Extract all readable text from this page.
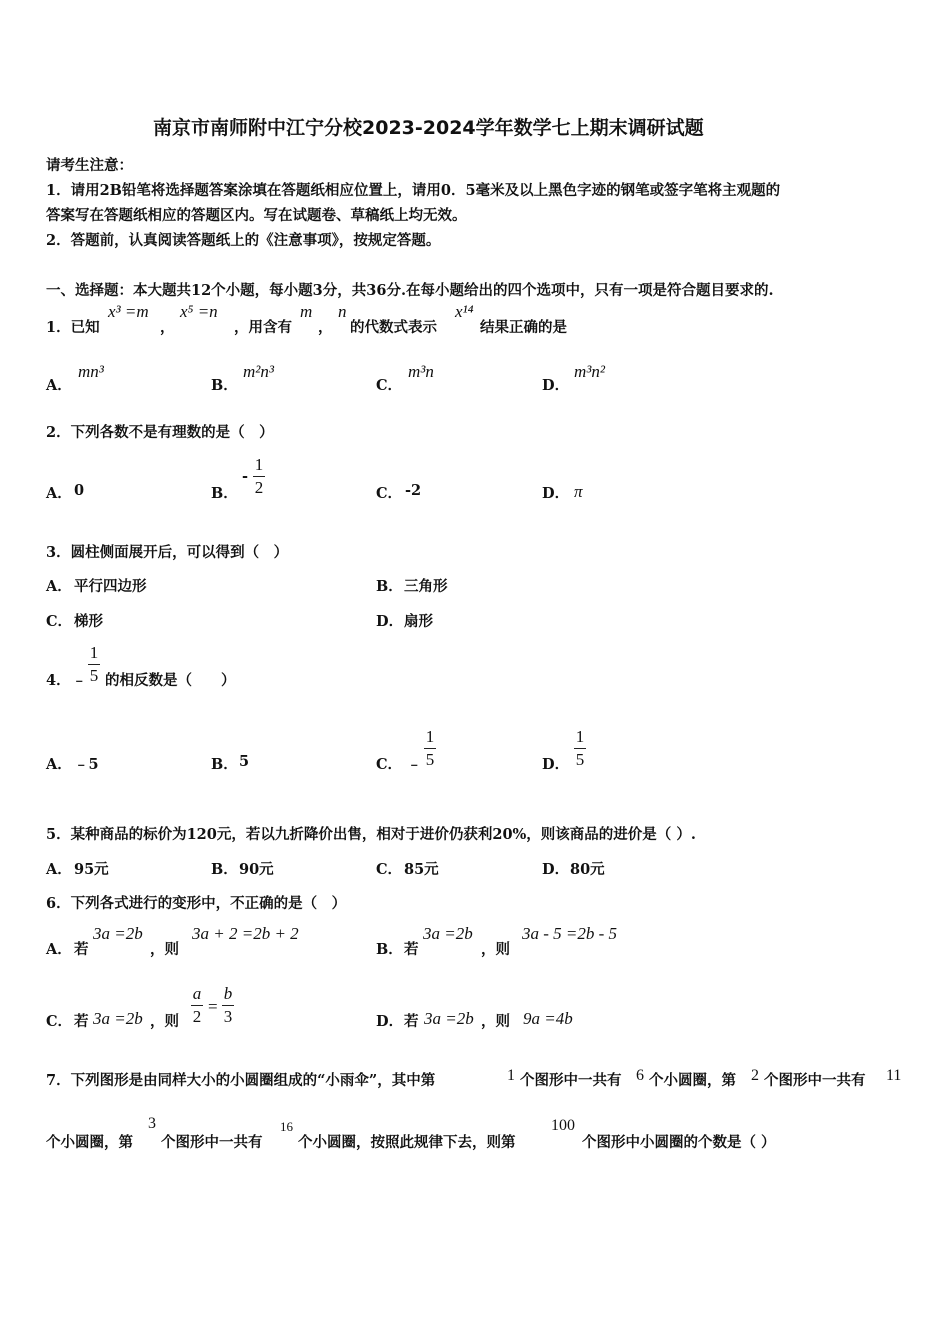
南京市南师附中江宁分校2023-2024学年数学七上期末调研试题
请考生注意：
1．请用2B铅笔将选择题答案涂填在答题纸相应位置上，请用0．5毫米及以上黑色字迹的钢笔或签字笔将主观题的
答案写在答题纸相应的答题区内。写在试题卷、草稿纸上均无效。
2．答题前，认真阅读答题纸上的《注意事项》，按规定答题。
一、选择题：本大题共12个小题，每小题3分，共36分.在每小题给出的四个选项中，只有一项是符合题目要求的.
1．已知
x³ =m
，
x⁵ =n
，用含有
m
，
n
的代数式表示
x¹⁴
结果正确的是
A．
mn³
B．
m²n³
C．
m³n
D．
m³n²
2．下列各数不是有理数的是（　）
A． 0	B．
-
1
2	C． -2	D． π
3．圆柱侧面展开后，可以得到（　）
A． 平行四边形	B． 三角形
C． 梯形	D． 扇形
4． ﹣
1
5 的相反数是（　　）
A． ﹣5	B． 5	C． ﹣
1
5	D．
1
5
5．某种商品的标价为120元，若以九折降价出售，相对于进价仍获利20%，则该商品的进价是（ ）.
A． 95元	B． 90元	C． 85元	D． 80元
6．下列各式进行的变形中，不正确的是（　）
A． 若
3a =2b
，则
3a + 2 =2b + 2
B． 若
3a =2b
，则
3a - 5 =2b - 5
C． 若 3a =2b ，则
a
2
=
b
3	D． 若 3a =2b ，则 9a =4b
7．下列图形是由同样大小的小圆圈组成的“小雨伞”，其中第	1 个图形中一共有 6 个小圆圈，第 2 个图形中一共有 11
个小圆圈，第
3
个图形中一共有
16
个小圆圈，按照此规律下去，则第
100
个图形中小圆圈的个数是（ ）
